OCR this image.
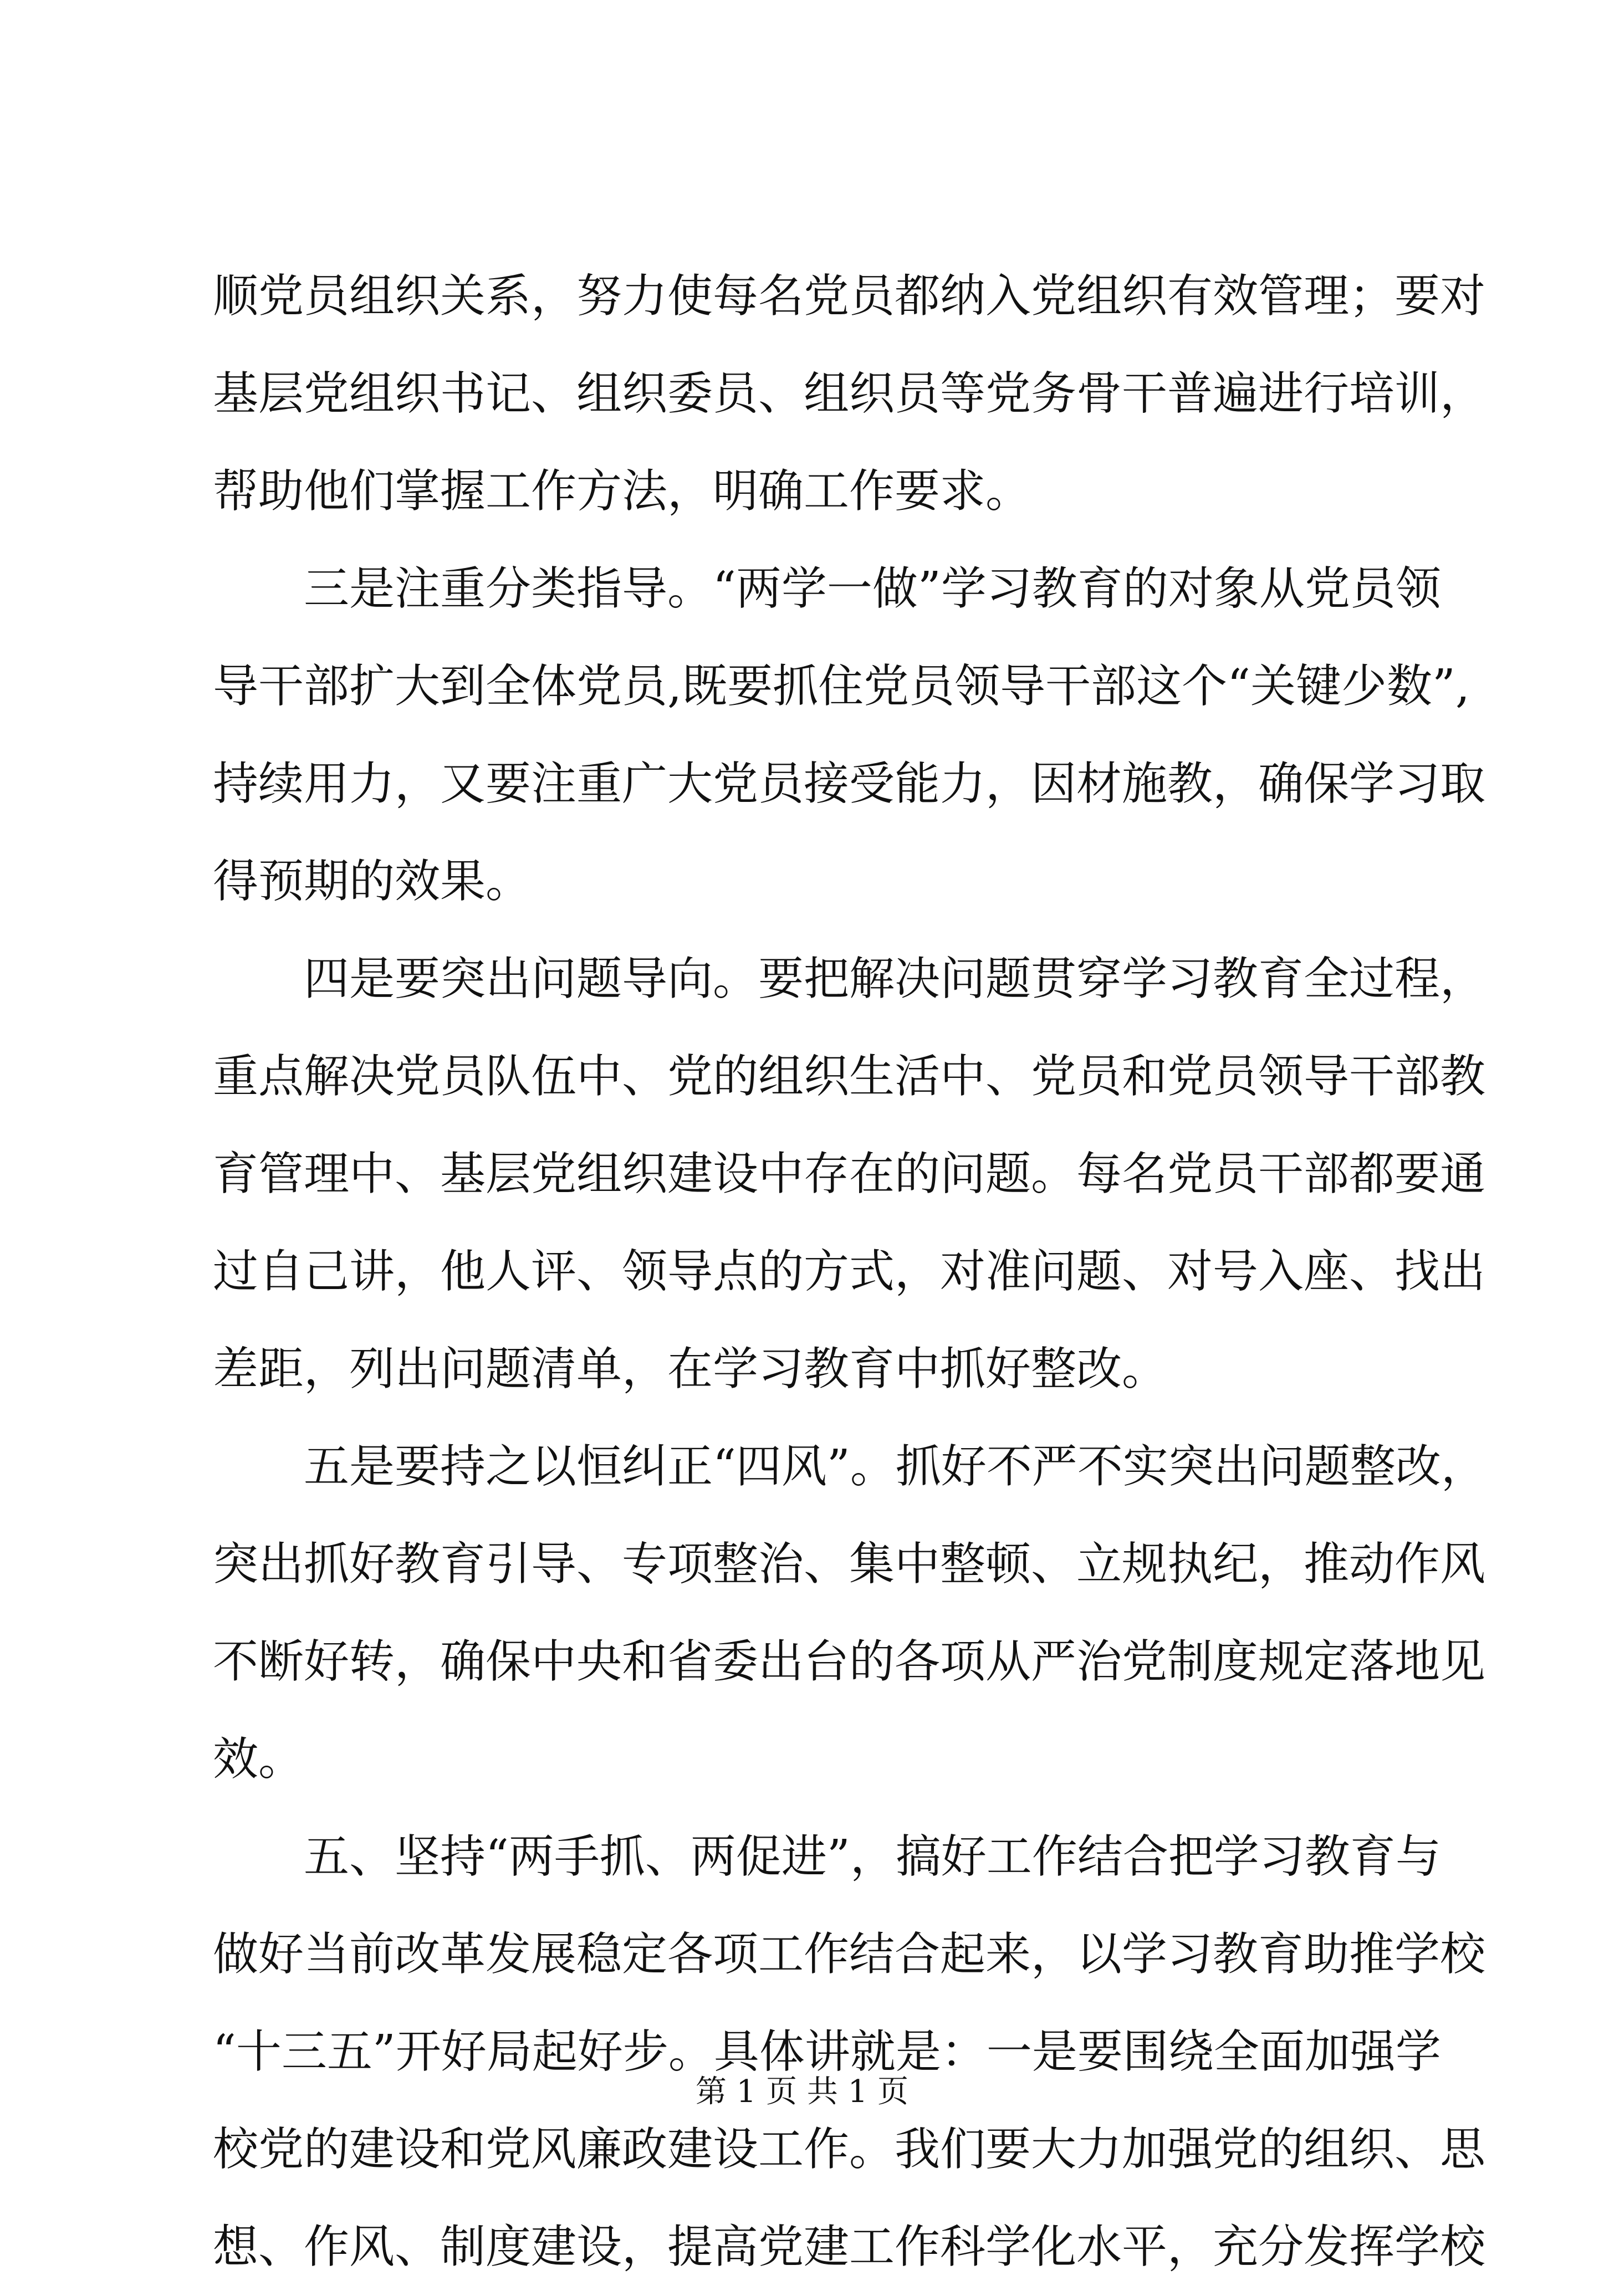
顺党员组织关系，努力使每名党员都纳入党组织有效管理；要对
基层党组织书记、组织委员、组织员等党务骨干普遍进行培训，
帮助他们掌握工作方法，明确工作要求。
三是注重分类指导。“两学一做”学习教育的对象从党员领
导干部扩大到全体党员,既要抓住党员领导干部这个“关键少数”,
持续用力，又要注重广大党员接受能力，因材施教，确保学习取
得预期的效果。
四是要突出问题导向。要把解决问题贯穿学习教育全过程，
重点解决党员队伍中、党的组织生活中、党员和党员领导干部教
育管理中、基层党组织建设中存在的问题。每名党员干部都要通
过自己讲，他人评、领导点的方式，对准问题、对号入座、找出
差距，列出问题清单，在学习教育中抓好整改。
五是要持之以恒纠正“四风”。抓好不严不实突出问题整改，
突出抓好教育引导、专项整治、集中整顿、立规执纪，推动作风
不断好转，确保中央和省委出台的各项从严治党制度规定落地见
效。
五、坚持“两手抓、两促进”，搞好工作结合把学习教育与
做好当前改革发展稳定各项工作结合起来，以学习教育助推学校
“十三五”开好局起好步。具体讲就是：一是要围绕全面加强学
校党的建设和党风廉政建设工作。我们要大力加强党的组织、思
想、作风、制度建设，提高党建工作科学化水平，充分发挥学校
第 1 页 共 1 页
